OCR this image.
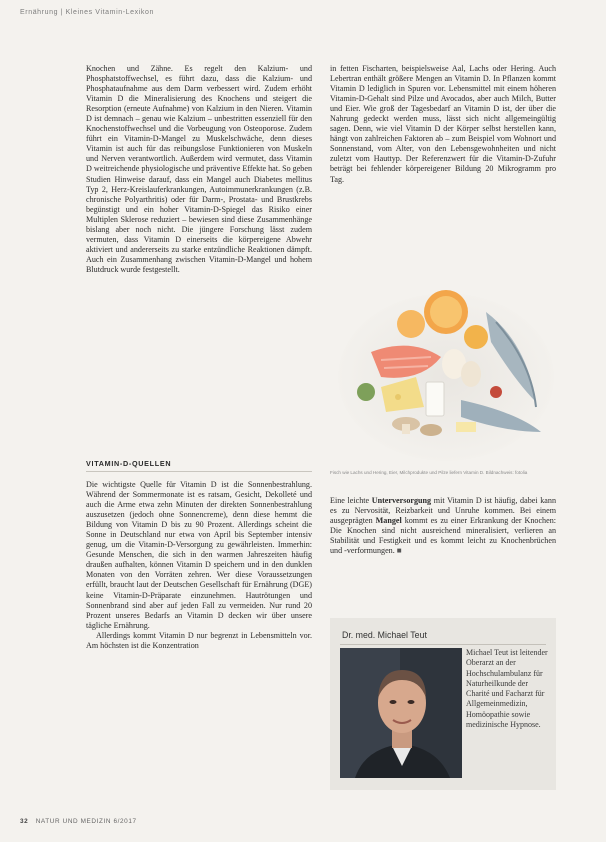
Ernährung | Kleines Vitamin-Lexikon

Knochen und Zähne. Es regelt den Kalzium- und Phosphatstoffwechsel, es führt dazu, dass die Kalzium- und Phosphataufnahme aus dem Darm verbessert wird. Zudem erhöht Vitamin D die Mineralisierung des Knochens und steigert die Resorption (erneute Aufnahme) von Kalzium in den Nieren. Vitamin D ist demnach – genau wie Kalzium – unbestritten essenziell für den Knochenstoffwechsel und die Vorbeugung von Osteoporose. Zudem führt ein Vitamin-D-Mangel zu Muskelschwäche, denn dieses Vitamin ist auch für das reibungslose Funktionieren von Muskeln und Nerven verantwortlich. Außerdem wird vermutet, dass Vitamin D weitreichende physiologische und präventive Effekte hat. So geben Studien Hinweise darauf, dass ein Mangel auch Diabetes mellitus Typ 2, Herz-Kreislauferkrankungen, Autoimmunerkrankungen (z.B. chronische Polyarthritis) oder für Darm-, Prostata- und Brustkrebs begünstigt und ein hoher Vitamin-D-Spiegel das Risiko einer Multiplen Sklerose reduziert – bewiesen sind diese Zusammenhänge bislang aber noch nicht. Die jüngere Forschung lässt zudem vermuten, dass Vitamin D einerseits die körpereigene Abwehr aktiviert und andererseits zu starke entzündliche Reaktionen dämpft. Auch ein Zusammenhang zwischen Vitamin-D-Mangel und hohem Blutdruck wurde festgestellt.

VITAMIN-D-QUELLEN

Die wichtigste Quelle für Vitamin D ist die Sonnenbestrahlung. Während der Sommermonate ist es ratsam, Gesicht, Dekolleté und auch die Arme etwa zehn Minuten der direkten Sonnenbestrahlung auszusetzen (jedoch ohne Sonnencreme), denn diese hemmt die Bildung von Vitamin D bis zu 90 Prozent. Allerdings scheint die Sonne in Deutschland nur etwa von April bis September intensiv genug, um die Vitamin-D-Versorgung zu gewährleisten. Immerhin: Gesunde Menschen, die sich in den warmen Jahreszeiten häufig draußen aufhalten, können Vitamin D speichern und in den dunklen Monaten von den Vorräten zehren. Wer diese Voraussetzungen erfüllt, braucht laut der Deutschen Gesellschaft für Ernährung (DGE) keine Vitamin-D-Präparate einzunehmen. Hautrötungen und Sonnenbrand sind aber auf jeden Fall zu vermeiden. Nur rund 20 Prozent unseres Bedarfs an Vitamin D decken wir über unsere tägliche Ernährung.

Allerdings kommt Vitamin D nur begrenzt in Lebensmitteln vor. Am höchsten ist die Konzentration

in fetten Fischarten, beispielsweise Aal, Lachs oder Hering. Auch Lebertran enthält größere Mengen an Vitamin D. In Pflanzen kommt Vitamin D lediglich in Spuren vor. Lebensmittel mit einem höheren Vitamin-D-Gehalt sind Pilze und Avocados, aber auch Milch, Butter und Eier. Wie groß der Tagesbedarf an Vitamin D ist, der über die Nahrung gedeckt werden muss, lässt sich nicht allgemeingültig sagen. Denn, wie viel Vitamin D der Körper selbst herstellen kann, hängt von zahlreichen Faktoren ab – zum Beispiel vom Wohnort und Sonnenstand, vom Alter, von den Lebensgewohnheiten und nicht zuletzt vom Hauttyp. Der Referenzwert für die Vitamin-D-Zufuhr beträgt bei fehlender körpereigener Bildung 20 Mikrogramm pro Tag.

Fisch wie Lachs und Hering, Eier, Milchprodukte und Pilze liefern Vitamin D. Bildnachweis: fotolia

Eine leichte Unterversorgung mit Vitamin D ist häufig, dabei kann es zu Nervosität, Reizbarkeit und Unruhe kommen. Bei einem ausgeprägten Mangel kommt es zu einer Erkrankung der Knochen: Die Knochen sind nicht ausreichend mineralisiert, verlieren an Stabilität und Festigkeit und es kommt leicht zu Knochenbrüchen und -verformungen. ■

Dr. med. Michael Teut
Michael Teut ist leitender Oberarzt an der Hochschulambulanz für Naturheilkunde der Charité und Facharzt für Allgemeinmedizin, Homöopathie sowie medizinische Hypnose.
32 NATUR UND MEDIZIN 6/2017
